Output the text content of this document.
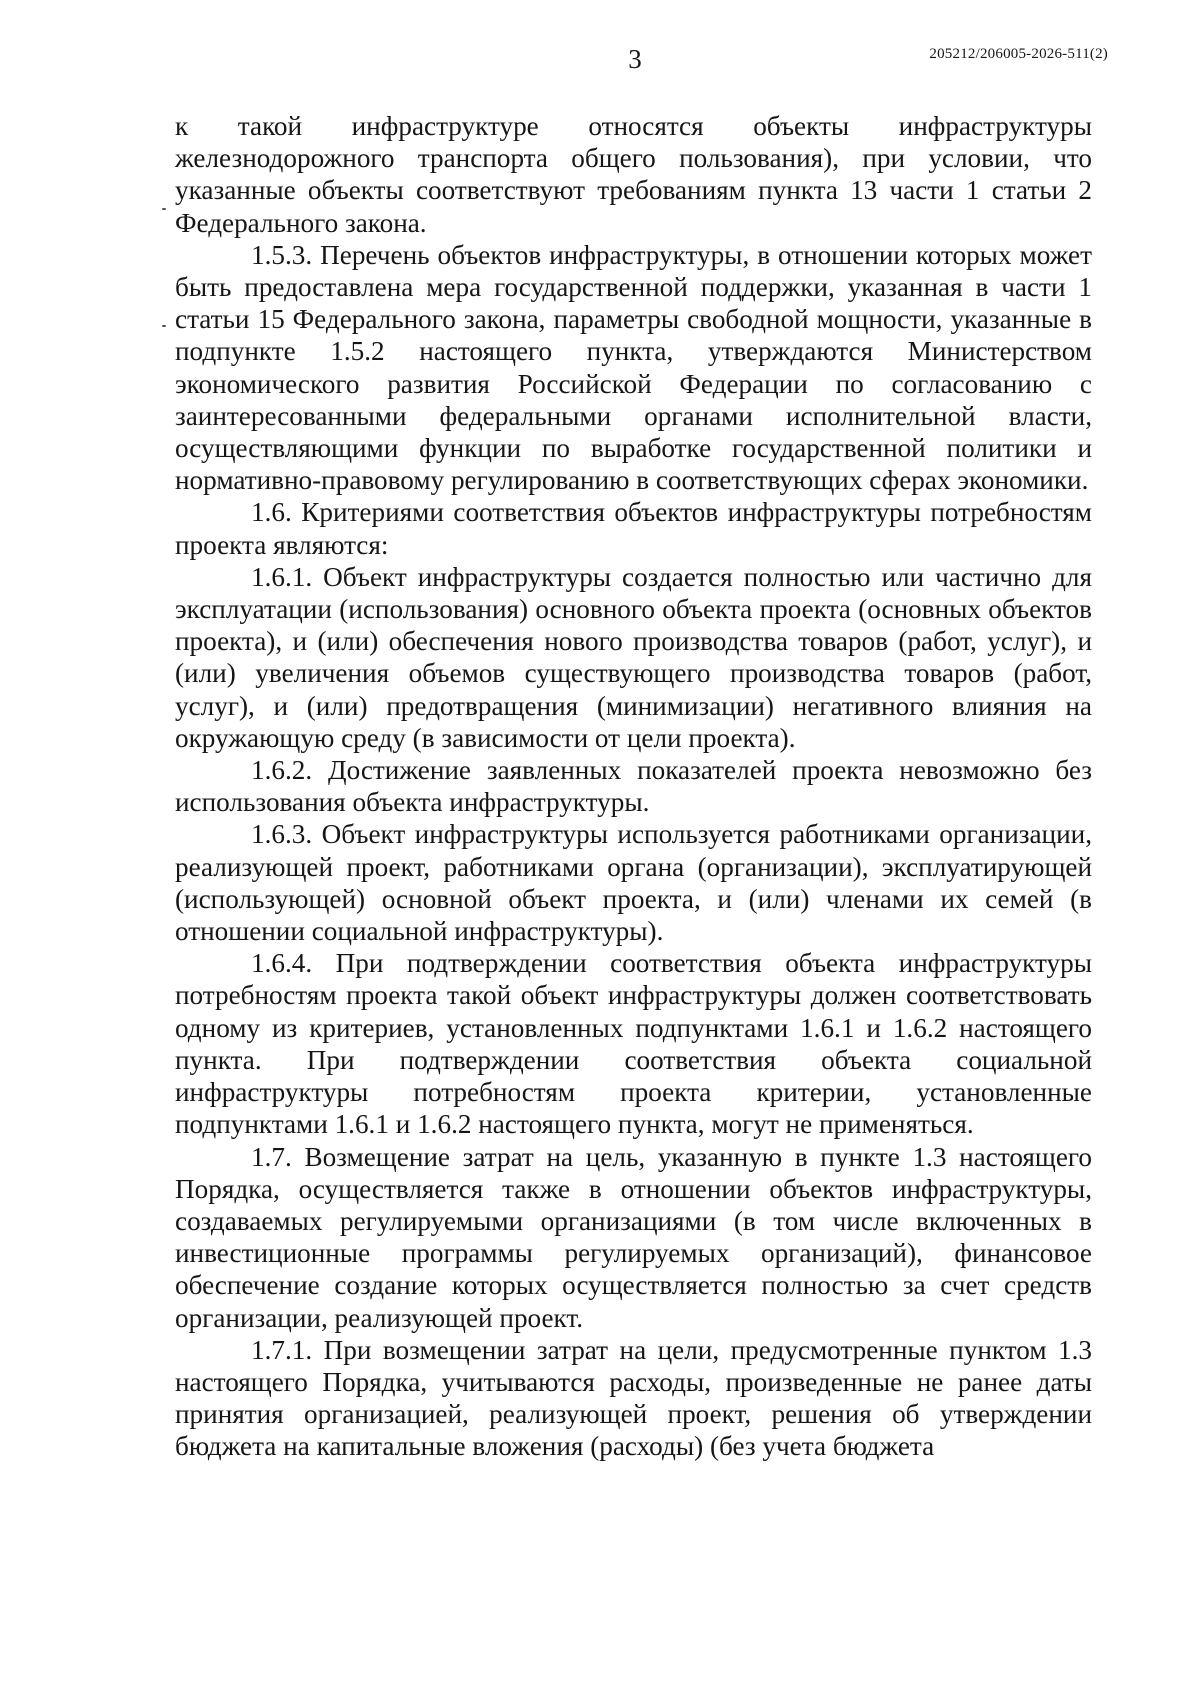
3	205212/206005-2026-511(2)

к такой инфраструктуре относятся объекты инфраструктуры железнодорожного транспорта общего пользования), при условии, что указанные объекты соответствуют требованиям пункта 13 части 1 статьи 2 Федерального закона.

1.5.3. Перечень объектов инфраструктуры, в отношении которых может быть предоставлена мера государственной поддержки, указанная в части 1 статьи 15 Федерального закона, параметры свободной мощности, указанные в подпункте 1.5.2 настоящего пункта, утверждаются Министерством экономического развития Российской Федерации по согласованию с заинтересованными федеральными органами исполнительной власти, осуществляющими функции по выработке государственной политики и нормативно-правовому регулированию в соответствующих сферах экономики.

1.6. Критериями соответствия объектов инфраструктуры потребностям проекта являются:

1.6.1. Объект инфраструктуры создается полностью или частично для эксплуатации (использования) основного объекта проекта (основных объектов проекта), и (или) обеспечения нового производства товаров (работ, услуг), и (или) увеличения объемов существующего производства товаров (работ, услуг), и (или) предотвращения (минимизации) негативного влияния на окружающую среду (в зависимости от цели проекта).

1.6.2. Достижение заявленных показателей проекта невозможно без использования объекта инфраструктуры.

1.6.3. Объект инфраструктуры используется работниками организации, реализующей проект, работниками органа (организации), эксплуатирующей (использующей) основной объект проекта, и (или) членами их семей (в отношении социальной инфраструктуры).

1.6.4. При подтверждении соответствия объекта инфраструктуры потребностям проекта такой объект инфраструктуры должен соответствовать одному из критериев, установленных подпунктами 1.6.1 и 1.6.2 настоящего пункта. При подтверждении соответствия объекта социальной инфраструктуры потребностям проекта критерии, установленные подпунктами 1.6.1 и 1.6.2 настоящего пункта, могут не применяться.

1.7. Возмещение затрат на цель, указанную в пункте 1.3 настоящего Порядка, осуществляется также в отношении объектов инфраструктуры, создаваемых регулируемыми организациями (в том числе включенных в инвестиционные программы регулируемых организаций), финансовое обеспечение создание которых осуществляется полностью за счет средств организации, реализующей проект.

1.7.1. При возмещении затрат на цели, предусмотренные пунктом 1.3 настоящего Порядка, учитываются расходы, произведенные не ранее даты принятия организацией, реализующей проект, решения об утверждении бюджета на капитальные вложения (расходы) (без учета бюджета
